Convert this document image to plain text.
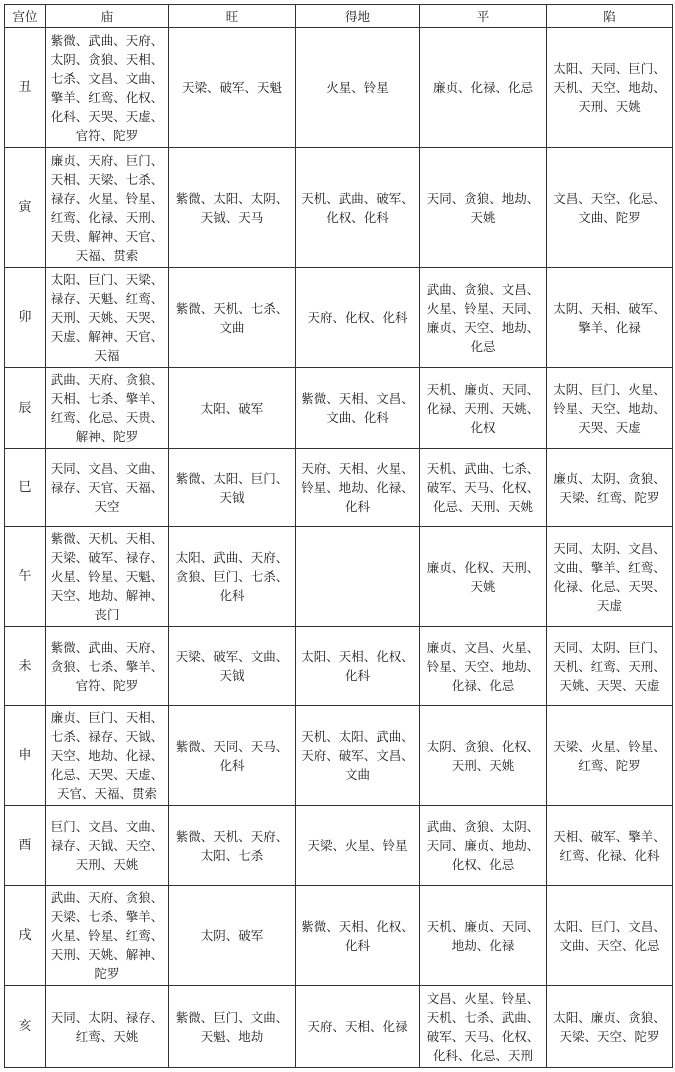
宫位	庙	旺	得地	平	陷
丑	紫微、武曲、天府、太阴、贪狼、天相、七杀、文昌、文曲、擎羊、红鸾、化权、化科、天哭、天虚、官符、陀罗	天梁、破军、天魁	火星、铃星	廉贞、化禄、化忌	太阳、天同、巨门、天机、天空、地劫、天刑、天姚
寅	廉贞、天府、巨门、天相、天梁、七杀、禄存、火星、铃星、红鸾、化禄、天刑、天贵、解神、天官、天福、贯索	紫微、太阳、太阴、天钺、天马	天机、武曲、破军、化权、化科	天同、贪狼、地劫、天姚	文昌、天空、化忌、文曲、陀罗
卯	太阳、巨门、天梁、禄存、天魁、红鸾、天刑、天姚、天哭、天虚、解神、天官、天福	紫微、天机、七杀、文曲	天府、化权、化科	武曲、贪狼、文昌、火星、铃星、天同、廉贞、天空、地劫、化忌	太阴、天相、破军、擎羊、化禄
辰	武曲、天府、贪狼、天相、七杀、擎羊、红鸾、化忌、天贵、解神、陀罗	太阳、破军	紫微、天相、文昌、文曲、化科	天机、廉贞、天同、化禄、天刑、天姚、化权	太阴、巨门、火星、铃星、天空、地劫、天哭、天虚
巳	天同、文昌、文曲、禄存、天官、天福、天空	紫微、太阳、巨门、天钺	天府、天相、火星、铃星、地劫、化禄、化科	天机、武曲、七杀、破军、天马、化权、化忌、天刑、天姚	廉贞、太阴、贪狼、天梁、红鸾、陀罗
午	紫微、天机、天相、天梁、破军、禄存、火星、铃星、天魁、天空、地劫、解神、丧门	太阳、武曲、天府、贪狼、巨门、七杀、化科		廉贞、化权、天刑、天姚	天同、太阴、文昌、文曲、擎羊、红鸾、化禄、化忌、天哭、天虚
未	紫微、武曲、天府、贪狼、七杀、擎羊、官符、陀罗	天梁、破军、文曲、天钺	太阳、天相、化权、化科	廉贞、文昌、火星、铃星、天空、地劫、化禄、化忌	天同、太阴、巨门、天机、红鸾、天刑、天姚、天哭、天虚
申	廉贞、巨门、天相、七杀、禄存、天钺、天空、地劫、化禄、化忌、天哭、天虚、天官、天福、贯索	紫微、天同、天马、化科	天机、太阳、武曲、天府、破军、文昌、文曲	太阴、贪狼、化权、天刑、天姚	天梁、火星、铃星、红鸾、陀罗
酉	巨门、文昌、文曲、禄存、天钺、天空、天刑、天姚	紫微、天机、天府、太阳、七杀	天梁、火星、铃星	武曲、贪狼、太阴、天同、廉贞、地劫、化权、化忌	天相、破军、擎羊、红鸾、化禄、化科
戌	武曲、天府、贪狼、天梁、七杀、擎羊、火星、铃星、红鸾、天刑、天姚、解神、陀罗	太阴、破军	紫微、天相、化权、化科	天机、廉贞、天同、地劫、化禄	太阳、巨门、文昌、文曲、天空、化忌
亥	天同、太阴、禄存、红鸾、天姚	紫微、巨门、文曲、天魁、地劫	天府、天相、化禄	文昌、火星、铃星、天机、七杀、武曲、破军、天马、化权、化科、化忌、天刑	太阳、廉贞、贪狼、天梁、天空、陀罗
